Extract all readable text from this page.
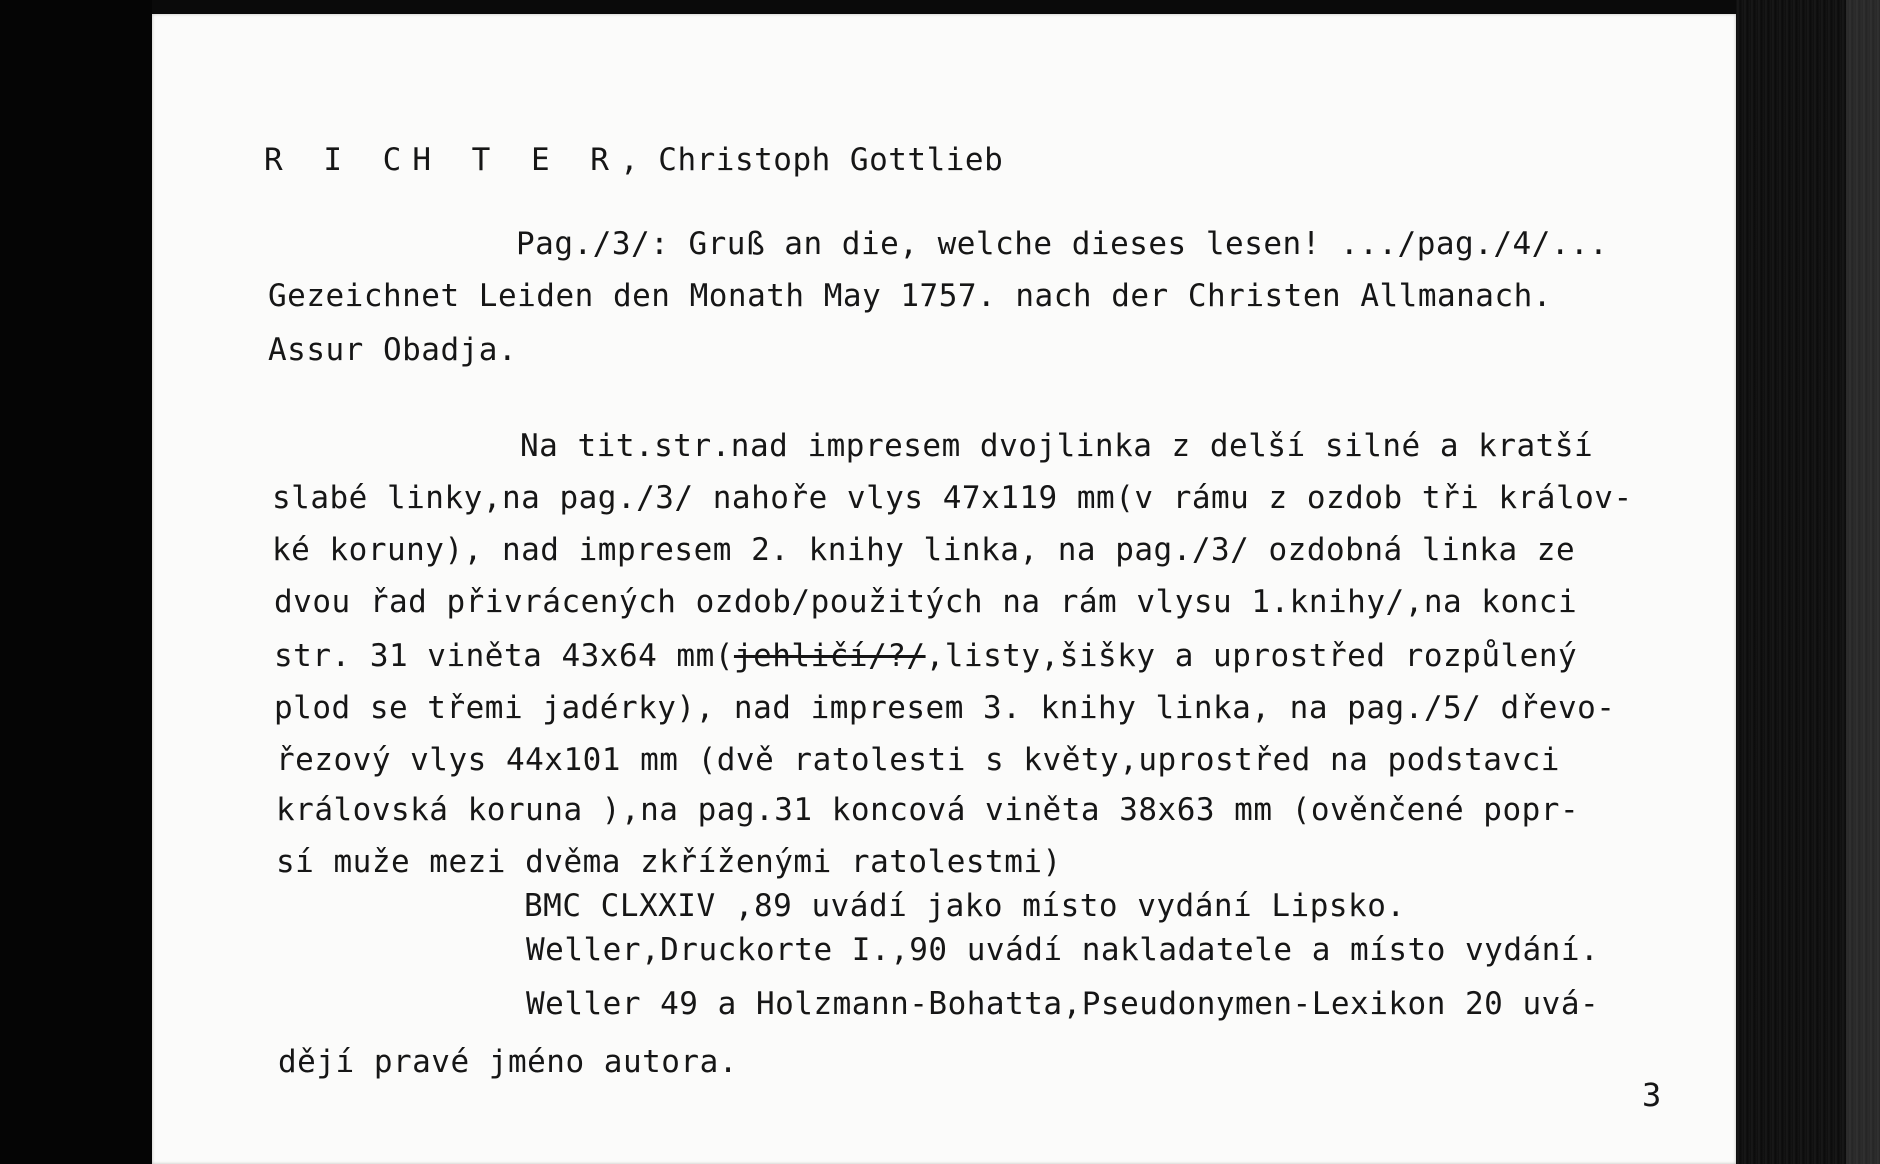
R I CH T E R, Christoph Gottlieb
Pag./3/: Gruß an die, welche dieses lesen! .../pag./4/...
Gezeichnet Leiden den Monath May 1757. nach der Christen Allmanach.
Assur Obadja.
Na tit.str.nad impresem dvojlinka z delší silné a kratší
slabé linky,na pag./3/ nahoře vlys 47x119 mm(v rámu z ozdob tři králov-
ké koruny), nad impresem 2. knihy linka, na pag./3/ ozdobná linka ze
dvou řad přivrácených ozdob/použitých na rám vlysu 1.knihy/,na konci
str. 31 viněta 43x64 mm(jehličí/?/,listy,šišky a uprostřed rozpůlený
plod se třemi jadérky), nad impresem 3. knihy linka, na pag./5/ dřevo-
řezový vlys 44x101 mm (dvě ratolesti s květy,uprostřed na podstavci
královská koruna ),na pag.31 koncová viněta 38x63 mm (ověnčené popr-
sí muže mezi dvěma zkříženými ratolestmi)
BMC CLXXIV ,89 uvádí jako místo vydání Lipsko.
Weller,Druckorte I.,90 uvádí nakladatele a místo vydání.
Weller 49 a Holzmann-Bohatta,Pseudonymen-Lexikon 20 uvá-
dějí pravé jméno autora.
3
